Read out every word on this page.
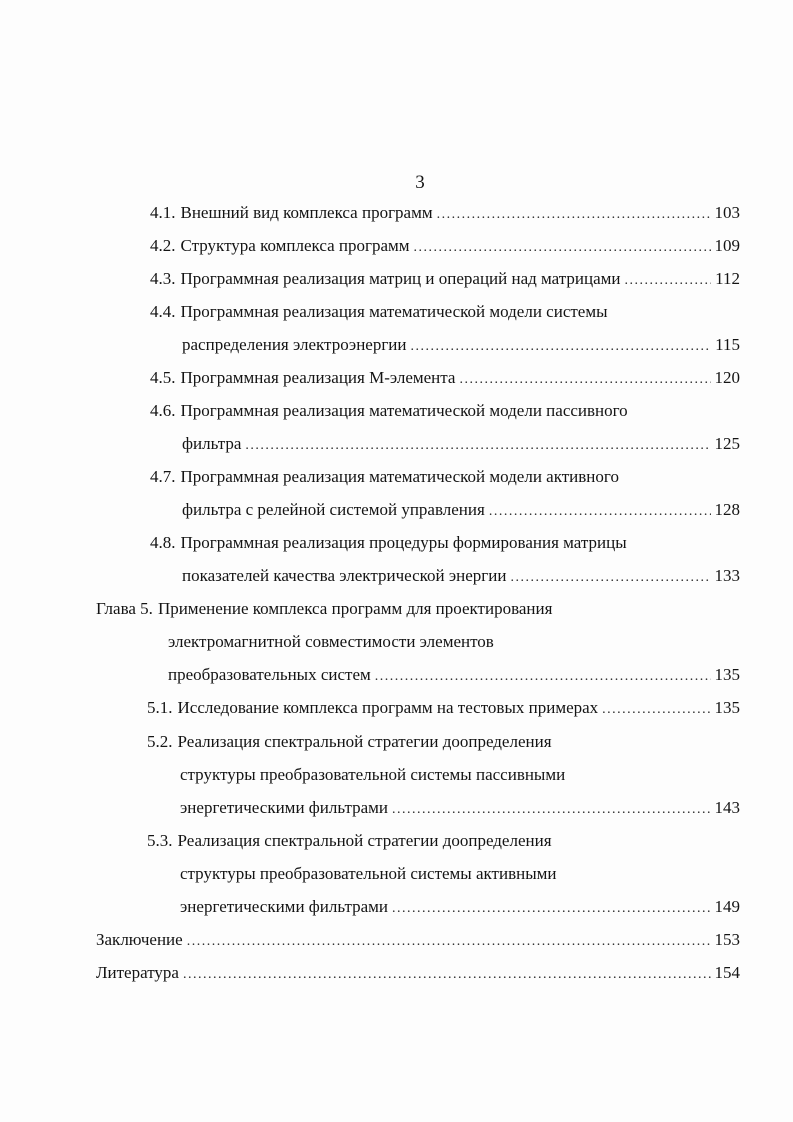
3
4.1. Внешний вид комплекса программ . . .	103
4.2. Структура комплекса программ . . .	109
4.3. Программная реализация матриц и операций над матрицами . . .	112
4.4. Программная реализация математической модели системы
распределения электроэнергии . . .	115
4.5. Программная реализация М-элемента . . .	120
4.6. Программная реализация математической модели пассивного
фильтра . . .	125
4.7. Программная реализация математической модели активного
фильтра с релейной системой управления . . .	128
4.8. Программная реализация процедуры формирования матрицы
показателей качества электрической энергии . . .	133
Глава 5. Применение комплекса программ для проектирования
электромагнитной совместимости элементов
преобразовательных систем . . .	135
5.1. Исследование комплекса программ на тестовых примерах . . .	135
5.2. Реализация спектральной стратегии доопределения
структуры преобразовательной системы пассивными
энергетическими фильтрами . . .	143
5.3. Реализация спектральной стратегии доопределения
структуры преобразовательной системы активными
энергетическими фильтрами . . .	149
Заключение . . .	153
Литература . . .	154
